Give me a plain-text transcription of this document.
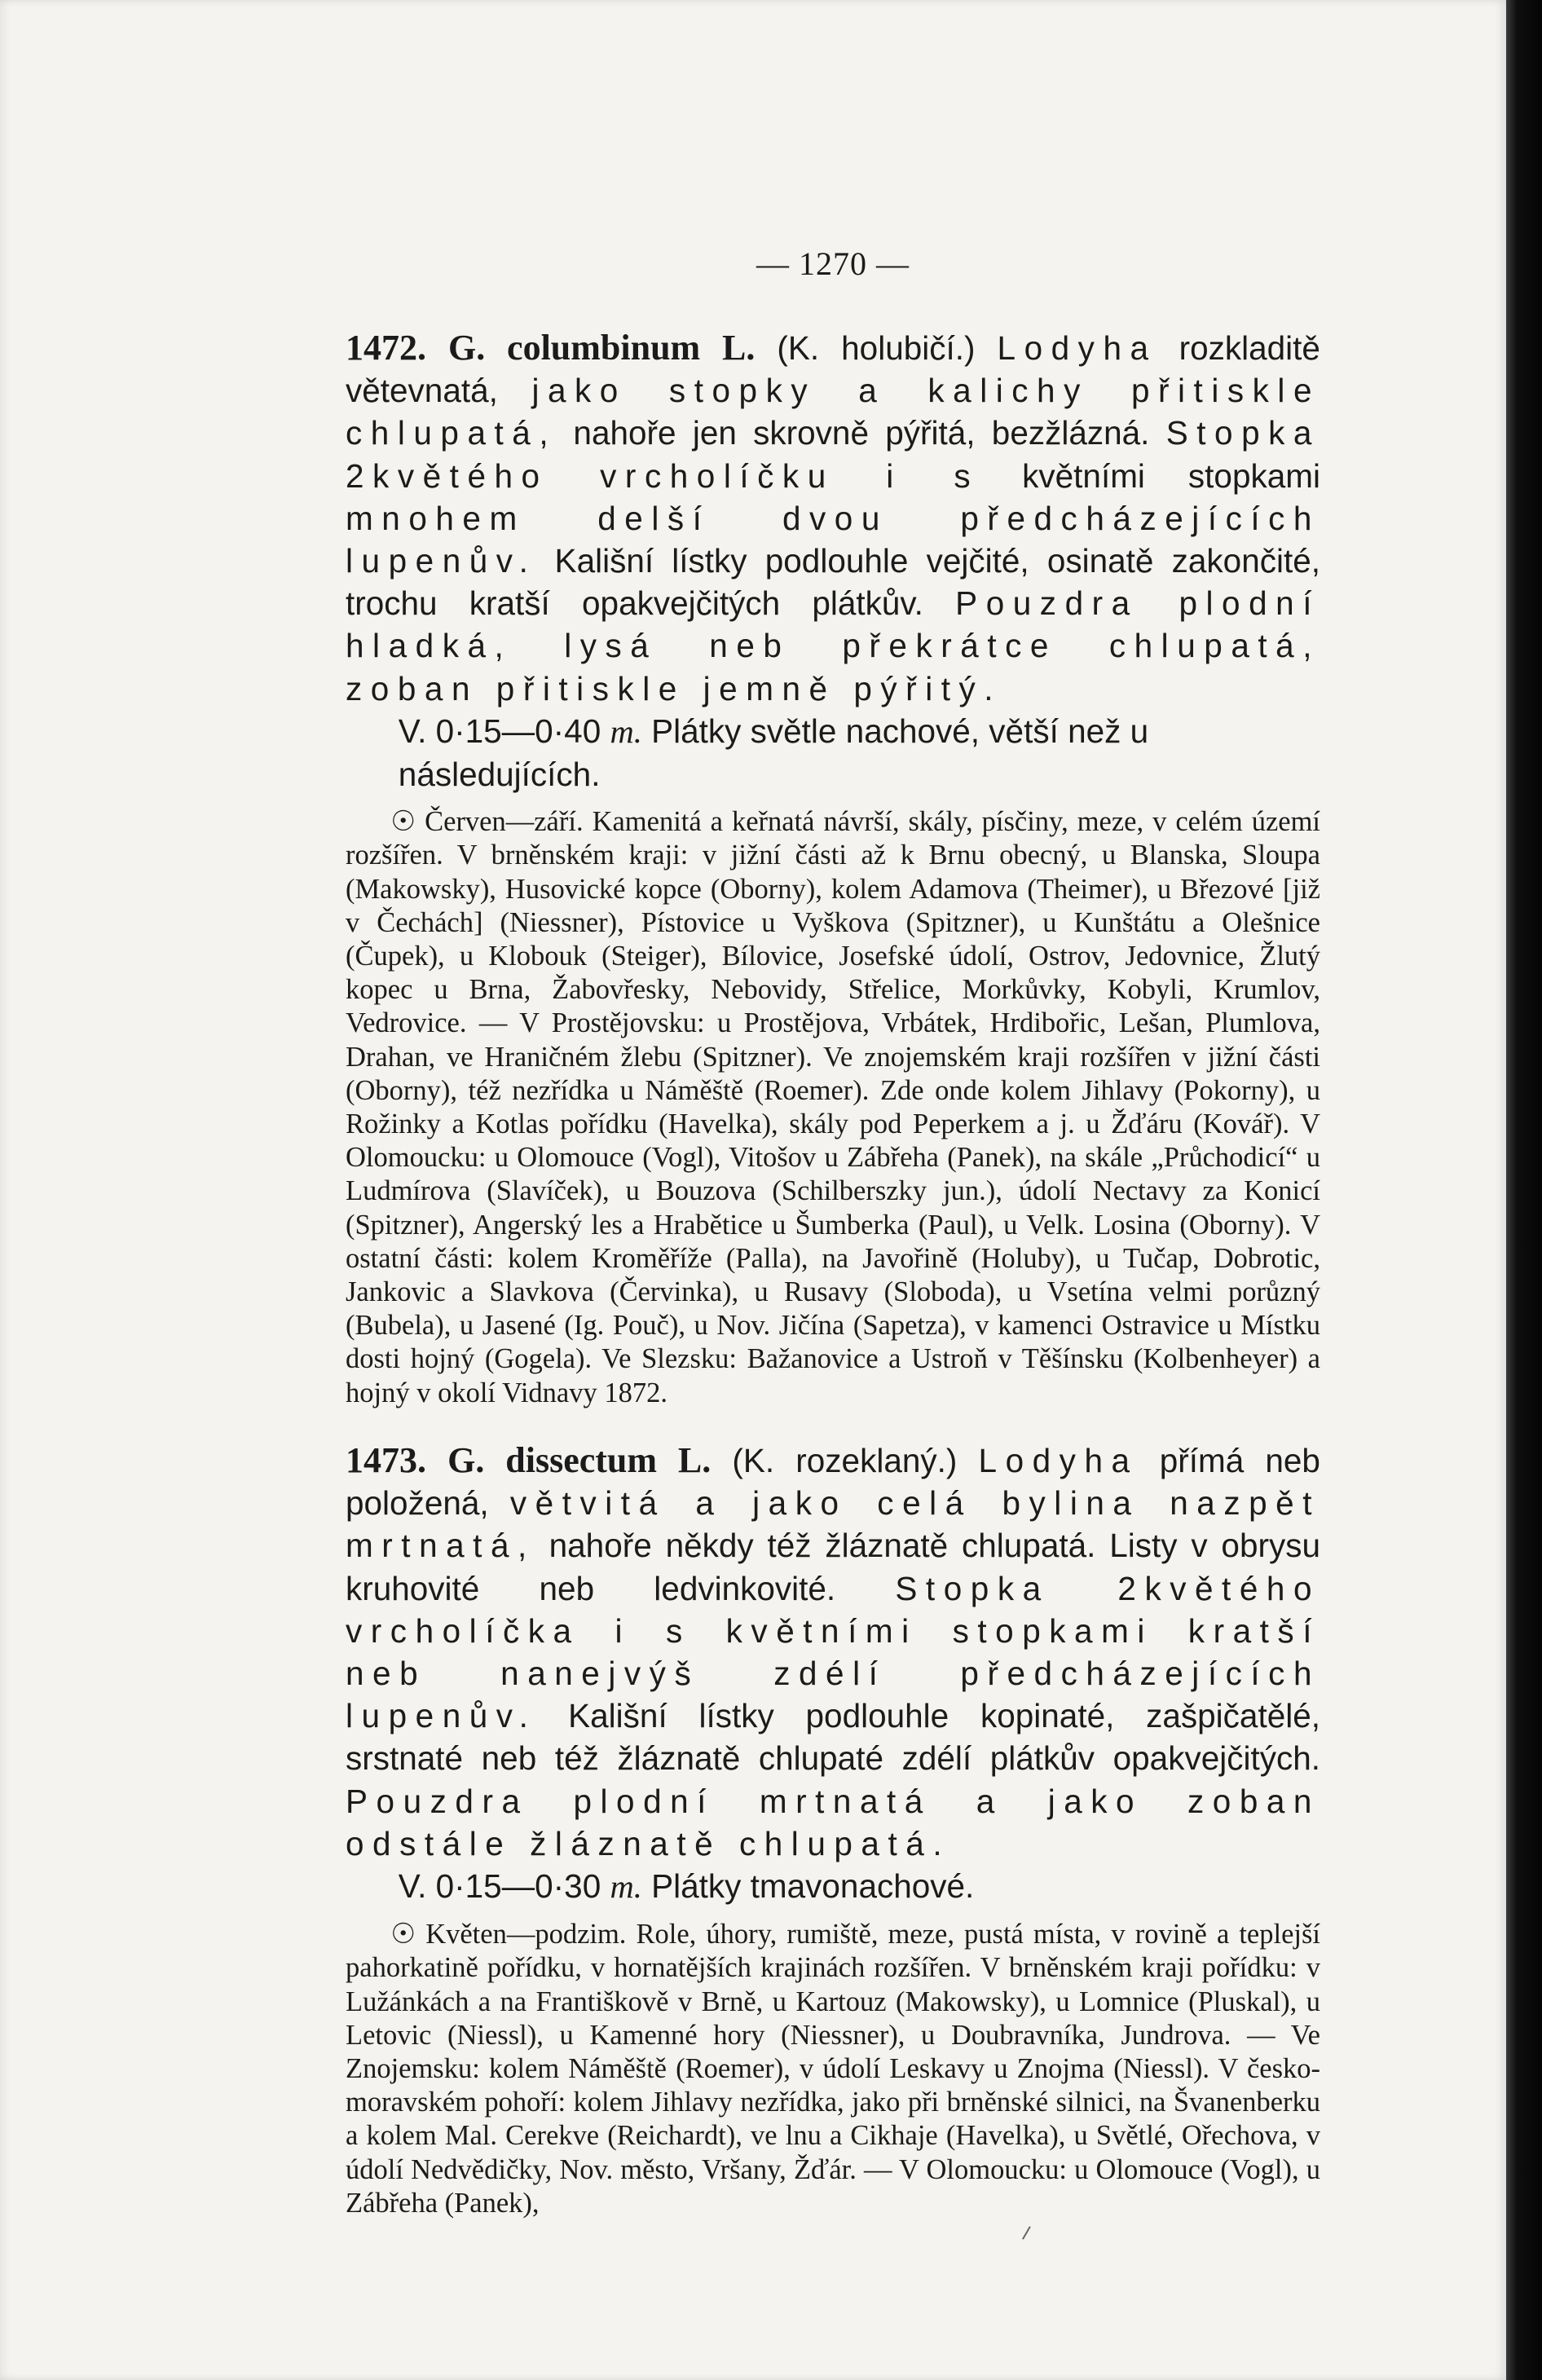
— 1270 —

1472. G. columbinum L. (K. holubičí.) Lodyha rozkladitě větevnatá, jako stopky a kalichy přitiskle chlupatá, nahoře jen skrovně pýřitá, bezžlázná. Stopka 2květého vrcholíčku i s květními stopkami mnohem delší dvou předcházejících lupenův. Kališní lístky podlouhle vejčité, osinatě zakončité, trochu kratší opakvejčitých plátkův. Pouzdra plodní hladká, lysá neb překrátce chlupatá, zoban přitiskle jemně pýřitý.

V. 0·15—0·40 m. Plátky světle nachové, větší než u následujících.

☉ Červen—září. Kamenitá a keřnatá návrší, skály, písčiny, meze, v celém území rozšířen. V brněnském kraji: v jižní části až k Brnu obecný, u Blanska, Sloupa (Makowsky), Husovické kopce (Oborny), kolem Adamova (Theimer), u Březové [již v Čechách] (Niessner), Pístovice u Vyškova (Spitzner), u Kunštátu a Olešnice (Čupek), u Klobouk (Steiger), Bílovice, Josefské údolí, Ostrov, Jedovnice, Žlutý kopec u Brna, Žabovřesky, Nebovidy, Střelice, Morkůvky, Kobyli, Krumlov, Vedrovice. — V Prostějovsku: u Prostějova, Vrbátek, Hrdibořic, Lešan, Plumlova, Drahan, ve Hraničném žlebu (Spitzner). Ve znojemském kraji rozšířen v jižní části (Oborny), též nezřídka u Náměště (Roemer). Zde onde kolem Jihlavy (Pokorny), u Rožinky a Kotlas pořídku (Havelka), skály pod Peperkem a j. u Žďáru (Kovář). V Olomoucku: u Olomouce (Vogl), Vitošov u Zábřeha (Panek), na skále „Průchodicí“ u Ludmírova (Slavíček), u Bouzova (Schilberszky jun.), údolí Nectavy za Konicí (Spitzner), Angerský les a Hrabětice u Šumberka (Paul), u Velk. Losina (Oborny). V ostatní části: kolem Kroměříže (Palla), na Javořině (Holuby), u Tučap, Dobrotic, Jankovic a Slavkova (Červinka), u Rusavy (Sloboda), u Vsetína velmi porůzný (Bubela), u Jasené (Ig. Pouč), u Nov. Jičína (Sapetza), v kamenci Ostravice u Místku dosti hojný (Gogela). Ve Slezsku: Bažanovice a Ustroň v Těšínsku (Kolbenheyer) a hojný v okolí Vidnavy 1872.

1473. G. dissectum L. (K. rozeklaný.) Lodyha přímá neb položená, větvitá a jako celá bylina nazpět mrtnatá, nahoře někdy též žláznatě chlupatá. Listy v obrysu kruhovité neb ledvinkovité. Stopka 2květého vrcholíčka i s květními stopkami kratší neb nanejvýš zdélí předcházejících lupenův. Kališní lístky podlouhle kopinaté, zašpičatělé, srstnaté neb též žláznatě chlupaté zdélí plátkův opakvejčitých. Pouzdra plodní mrtnatá a jako zoban odstále žláznatě chlupatá.

V. 0·15—0·30 m. Plátky tmavonachové.

☉ Květen—podzim. Role, úhory, rumiště, meze, pustá místa, v rovině a teplejší pahorkatině pořídku, v hornatějších krajinách rozšířen. V brněnském kraji pořídku: v Lužánkách a na Františkově v Brně, u Kartouz (Makowsky), u Lomnice (Pluskal), u Letovic (Niessl), u Kamenné hory (Niessner), u Doubravníka, Jundrova. — Ve Znojemsku: kolem Náměště (Roemer), v údolí Leskavy u Znojma (Niessl). V česko-moravském pohoří: kolem Jihlavy nezřídka, jako při brněnské silnici, na Švanenberku a kolem Mal. Cerekve (Reichardt), ve lnu a Cikhaje (Havelka), u Světlé, Ořechova, v údolí Nedvědičky, Nov. město, Vršany, Žďár. — V Olomoucku: u Olomouce (Vogl), u Zábřeha (Panek),
